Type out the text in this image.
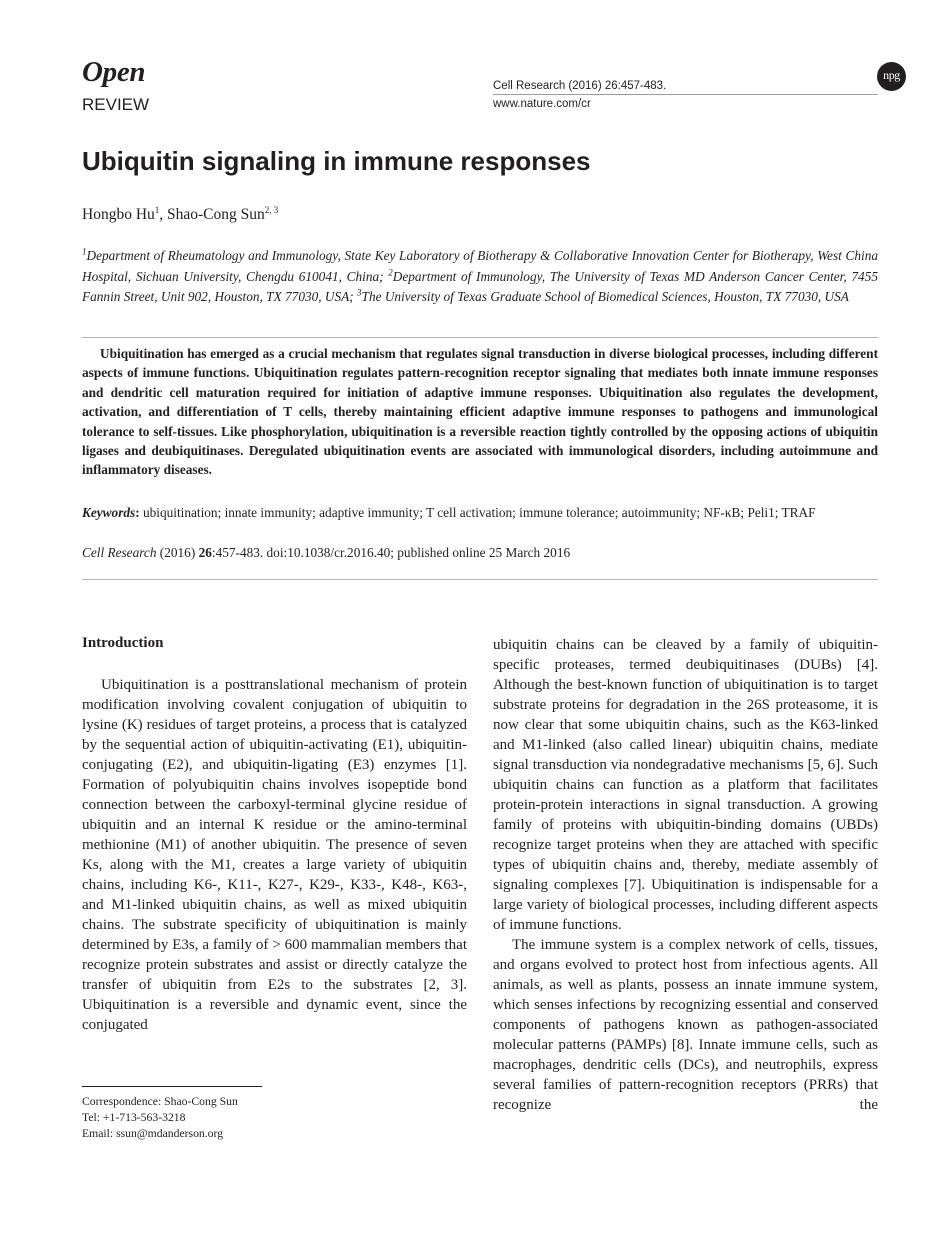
Open
REVIEW
Cell Research (2016) 26:457-483.
www.nature.com/cr
npg
Ubiquitin signaling in immune responses
Hongbo Hu$^1$, Shao-Cong Sun$^{2, 3}$
$^1$Department of Rheumatology and Immunology, State Key Laboratory of Biotherapy & Collaborative Innovation Center for Biotherapy, West China Hospital, Sichuan University, Chengdu 610041, China; $^2$Department of Immunology, The University of Texas MD Anderson Cancer Center, 7455 Fannin Street, Unit 902, Houston, TX 77030, USA; $^3$The University of Texas Graduate School of Biomedical Sciences, Houston, TX 77030, USA

Ubiquitination has emerged as a crucial mechanism that regulates signal transduction in diverse biological processes, including different aspects of immune functions. Ubiquitination regulates pattern-recognition receptor signaling that mediates both innate immune responses and dendritic cell maturation required for initiation of adaptive immune responses. Ubiquitination also regulates the development, activation, and differentiation of T cells, thereby maintaining efficient adaptive immune responses to pathogens and immunological tolerance to self-tissues. Like phosphorylation, ubiquitination is a reversible reaction tightly controlled by the opposing actions of ubiquitin ligases and deubiquitinases. Deregulated ubiquitination events are associated with immunological disorders, including autoimmune and inflammatory diseases.

Keywords: ubiquitination; innate immunity; adaptive immunity; T cell activation; immune tolerance; autoimmunity; NF-κB; Peli1; TRAF
Cell Research (2016) 26:457-483. doi:10.1038/cr.2016.40; published online 25 March 2016
Introduction

Ubiquitination is a posttranslational mechanism of protein modification involving covalent conjugation of ubiquitin to lysine (K) residues of target proteins, a process that is catalyzed by the sequential action of ubiquitin-activating (E1), ubiquitin-conjugating (E2), and ubiquitin-ligating (E3) enzymes [1]. Formation of polyubiquitin chains involves isopeptide bond connection between the carboxyl-terminal glycine residue of ubiquitin and an internal K residue or the amino-terminal methionine (M1) of another ubiquitin. The presence of seven Ks, along with the M1, creates a large variety of ubiquitin chains, including K6-, K11-, K27-, K29-, K33-, K48-, K63-, and M1-linked ubiquitin chains, as well as mixed ubiquitin chains. The substrate specificity of ubiquitination is mainly determined by E3s, a family of > 600 mammalian members that recognize protein substrates and assist or directly catalyze the transfer of ubiquitin from E2s to the substrates [2, 3]. Ubiquitination is a reversible and dynamic event, since the conjugated

ubiquitin chains can be cleaved by a family of ubiquitin-specific proteases, termed deubiquitinases (DUBs) [4]. Although the best-known function of ubiquitination is to target substrate proteins for degradation in the 26S proteasome, it is now clear that some ubiquitin chains, such as the K63-linked and M1-linked (also called linear) ubiquitin chains, mediate signal transduction via nondegradative mechanisms [5, 6]. Such ubiquitin chains can function as a platform that facilitates protein-protein interactions in signal transduction. A growing family of proteins with ubiquitin-binding domains (UBDs) recognize target proteins when they are attached with specific types of ubiquitin chains and, thereby, mediate assembly of signaling complexes [7]. Ubiquitination is indispensable for a large variety of biological processes, including different aspects of immune functions.

The immune system is a complex network of cells, tissues, and organs evolved to protect host from infectious agents. All animals, as well as plants, possess an innate immune system, which senses infections by recognizing essential and conserved components of pathogens known as pathogen-associated molecular patterns (PAMPs) [8]. Innate immune cells, such as macrophages, dendritic cells (DCs), and neutrophils, express several families of pattern-recognition receptors (PRRs) that recognize the

Correspondence: Shao-Cong Sun
Tel: +1-713-563-3218
Email: ssun@mdanderson.org
